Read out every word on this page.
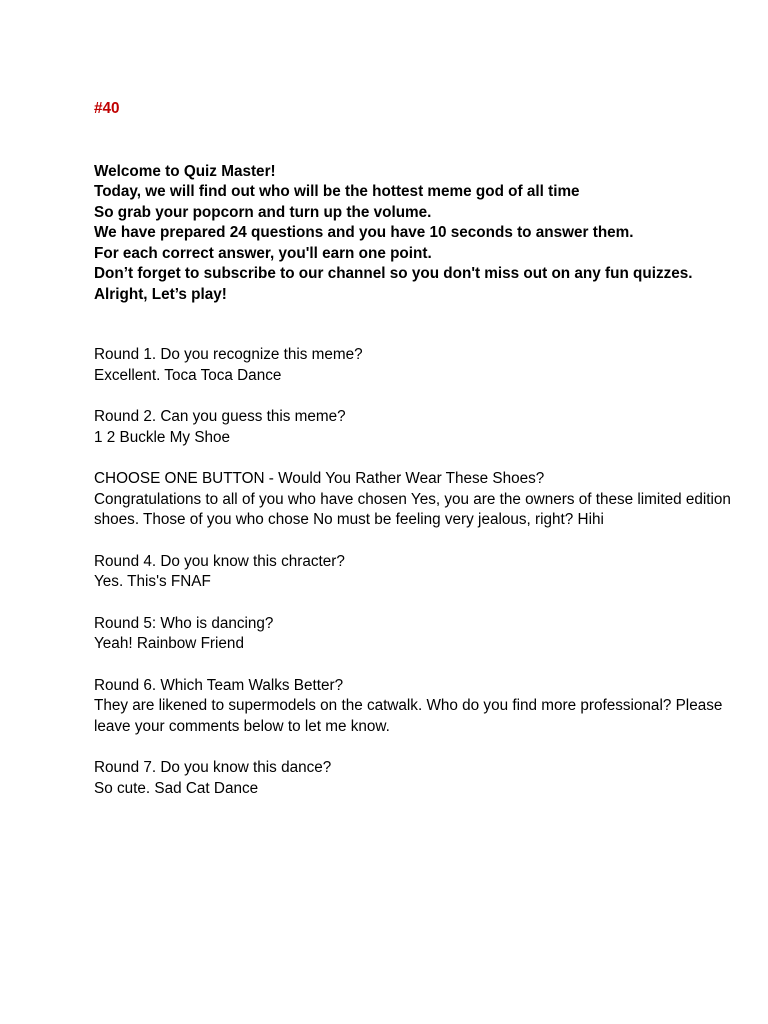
#40

Welcome to Quiz Master!

Today, we will find out who will be the hottest meme god of all time

So grab your popcorn and turn up the volume.

We have prepared 24 questions and you have 10 seconds to answer them.

For each correct answer, you'll earn one point.

Don’t forget to subscribe to our channel so you don't miss out on any fun quizzes.

Alright, Let’s play!

Round 1. Do you recognize this meme?

Excellent. Toca Toca Dance

Round 2. Can you guess this meme?

1 2 Buckle My Shoe

CHOOSE ONE BUTTON - Would You Rather Wear These Shoes?

Congratulations to all of you who have chosen Yes, you are the owners of these limited edition shoes. Those of you who chose No must be feeling very jealous, right? Hihi

Round 4. Do you know this chracter?

Yes. This's FNAF

Round 5: Who is dancing?

Yeah! Rainbow Friend

Round 6. Which Team Walks Better?

They are likened to supermodels on the catwalk. Who do you find more professional? Please leave your comments below to let me know.

Round 7. Do you know this dance?

So cute. Sad Cat Dance
